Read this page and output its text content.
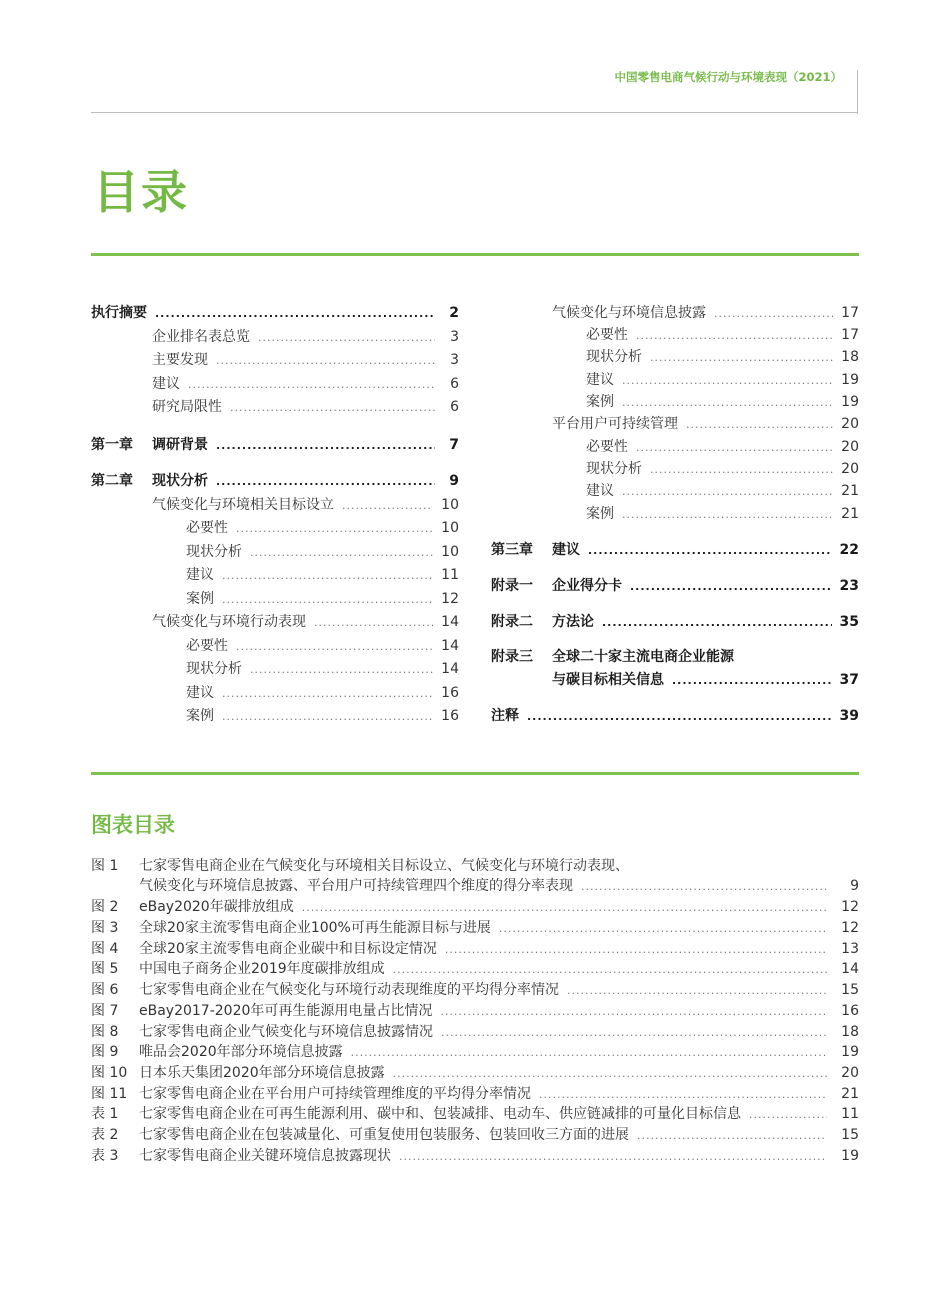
中国零售电商气候行动与环境表现（2021）
目录
执行摘要 .....	2
企业排名表总览 .....	3
主要发现 .....	3
建议 .....	6
研究局限性 .....	6
第一章 调研背景 .....	7
第二章 现状分析 .....	9
气候变化与环境相关目标设立 .....	10
必要性 .....	10
现状分析 .....	10
建议 .....	11
案例 .....	12
气候变化与环境行动表现 .....	14
必要性 .....	14
现状分析 .....	14
建议 .....	16
案例 .....	16
气候变化与环境信息披露 .....	17
必要性 .....	17
现状分析 .....	18
建议 .....	19
案例 .....	19
平台用户可持续管理 .....	20
必要性 .....	20
现状分析 .....	20
建议 .....	21
案例 .....	21
第三章 建议 .....	22
附录一 企业得分卡 .....	23
附录二 方法论 .....	35
附录三 全球二十家主流电商企业能源
与碳目标相关信息 .....	37
注释 .....	39
图表目录
图 1	七家零售电商企业在气候变化与环境相关目标设立、气候变化与环境行动表现、
气候变化与环境信息披露、平台用户可持续管理四个维度的得分率表现 .....	9
图 2	eBay2020年碳排放组成 .....	12
图 3	全球20家主流零售电商企业100%可再生能源目标与进展 .....	12
图 4	全球20家主流零售电商企业碳中和目标设定情况 .....	13
图 5	中国电子商务企业2019年度碳排放组成 .....	14
图 6	七家零售电商企业在气候变化与环境行动表现维度的平均得分率情况 .....	15
图 7	eBay2017-2020年可再生能源用电量占比情况 .....	16
图 8	七家零售电商企业气候变化与环境信息披露情况 .....	18
图 9	唯品会2020年部分环境信息披露 .....	19
图 10 日本乐天集团2020年部分环境信息披露 .....	20
图 11 七家零售电商企业在平台用户可持续管理维度的平均得分率情况 .....	21
表 1	七家零售电商企业在可再生能源利用、碳中和、包装减排、电动车、供应链减排的可量化目标信息 .....	11
表 2	七家零售电商企业在包装减量化、可重复使用包装服务、包装回收三方面的进展 .....	15
表 3	七家零售电商企业关键环境信息披露现状 .....	19
